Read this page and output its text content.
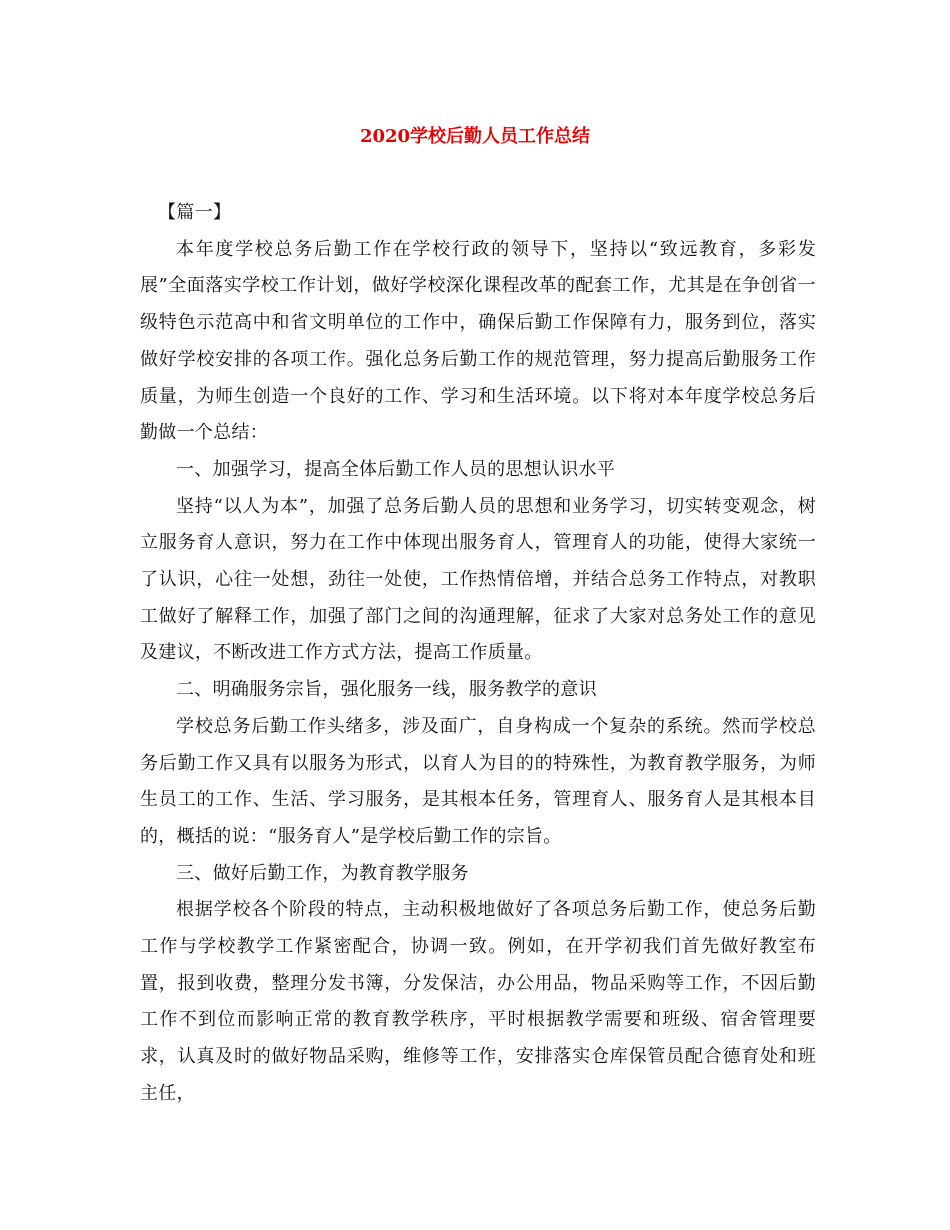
2020学校后勤人员工作总结

【篇一】

本年度学校总务后勤工作在学校行政的领导下，坚持以“致远教育，多彩发展”全面落实学校工作计划，做好学校深化课程改革的配套工作，尤其是在争创省一级特色示范高中和省文明单位的工作中，确保后勤工作保障有力，服务到位，落实做好学校安排的各项工作。强化总务后勤工作的规范管理，努力提高后勤服务工作质量，为师生创造一个良好的工作、学习和生活环境。以下将对本年度学校总务后勤做一个总结：

一、加强学习，提高全体后勤工作人员的思想认识水平

坚持“以人为本”，加强了总务后勤人员的思想和业务学习，切实转变观念，树立服务育人意识，努力在工作中体现出服务育人，管理育人的功能，使得大家统一了认识，心往一处想，劲往一处使，工作热情倍增，并结合总务工作特点，对教职工做好了解释工作，加强了部门之间的沟通理解，征求了大家对总务处工作的意见及建议，不断改进工作方式方法，提高工作质量。

二、明确服务宗旨，强化服务一线，服务教学的意识

学校总务后勤工作头绪多，涉及面广，自身构成一个复杂的系统。然而学校总务后勤工作又具有以服务为形式，以育人为目的的特殊性，为教育教学服务，为师生员工的工作、生活、学习服务，是其根本任务，管理育人、服务育人是其根本目的，概括的说：“服务育人”是学校后勤工作的宗旨。

三、做好后勤工作，为教育教学服务

根据学校各个阶段的特点，主动积极地做好了各项总务后勤工作，使总务后勤工作与学校教学工作紧密配合，协调一致。例如，在开学初我们首先做好教室布置，报到收费，整理分发书簿，分发保洁，办公用品，物品采购等工作，不因后勤工作不到位而影响正常的教育教学秩序，平时根据教学需要和班级、宿舍管理要求，认真及时的做好物品采购，维修等工作，安排落实仓库保管员配合德育处和班主任，
